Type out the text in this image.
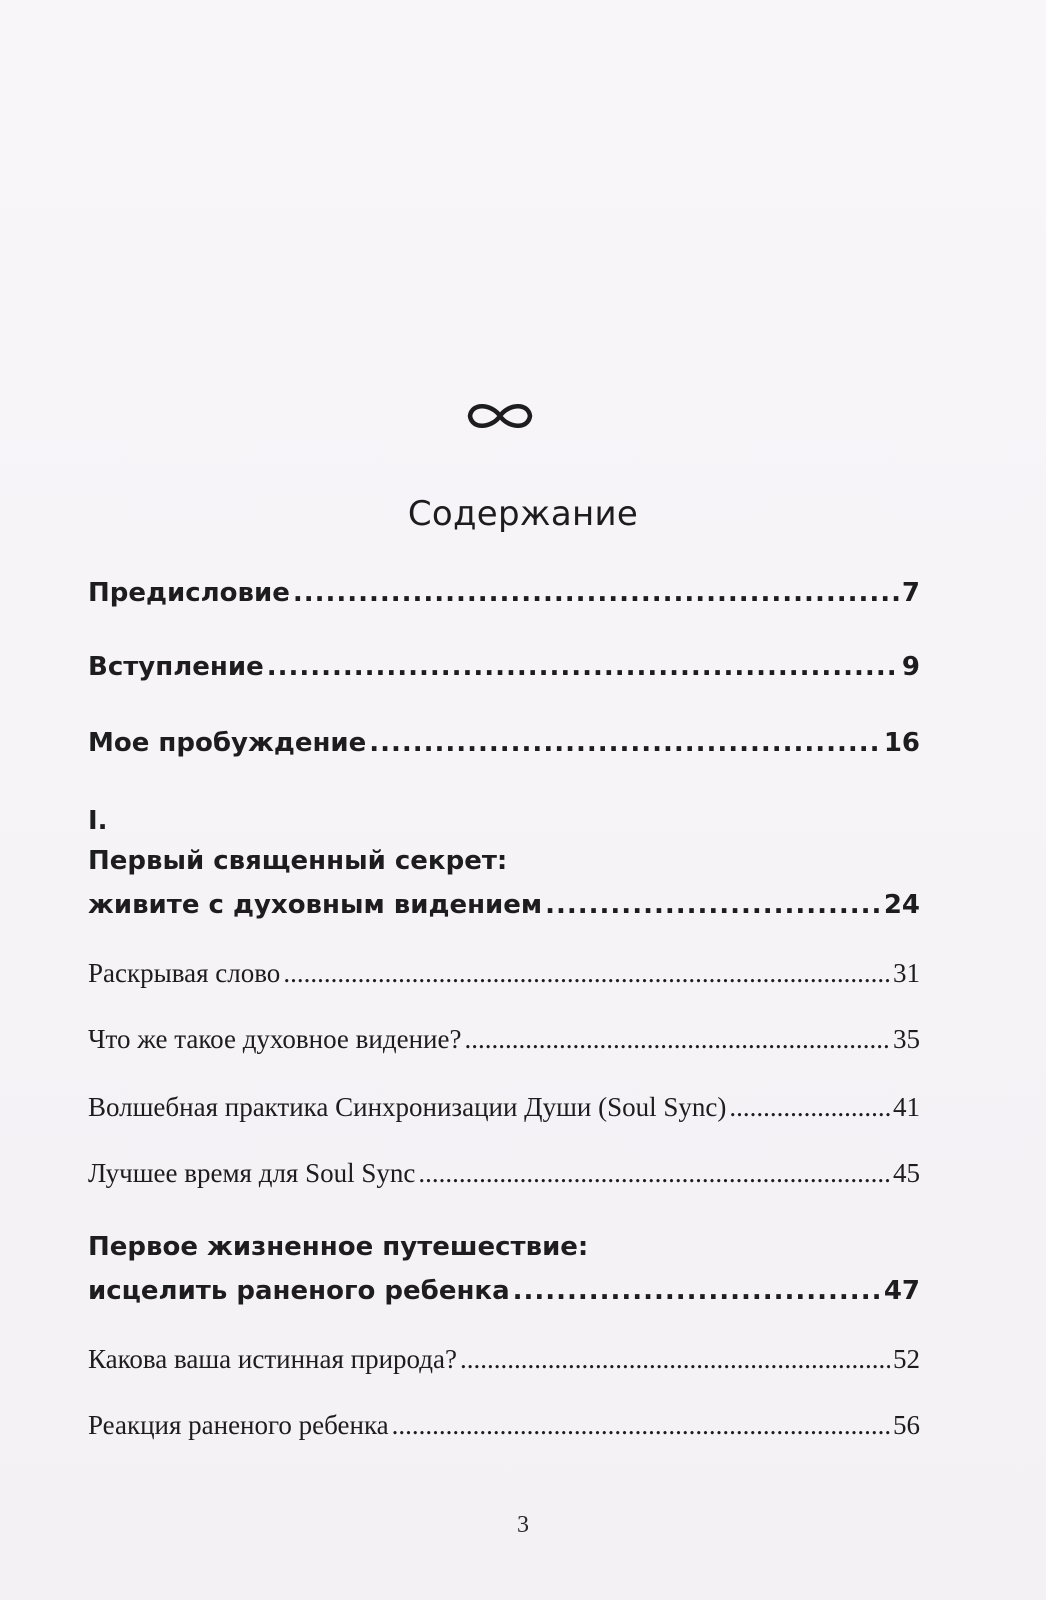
Содержание
Предисловие .....	7
Вступление .....	9
Мое пробуждение .....	16
I.
Первый священный секрет:
живите с духовным видением .....	24
Раскрывая слово .....	31
Что же такое духовное видение? .....	35
Волшебная практика Синхронизации Души (Soul Sync) .....	41
Лучшее время для Soul Sync .....	45
Первое жизненное путешествие:
исцелить раненого ребенка .....	47
Какова ваша истинная природа? .....	52
Реакция раненого ребенка .....	56
3
